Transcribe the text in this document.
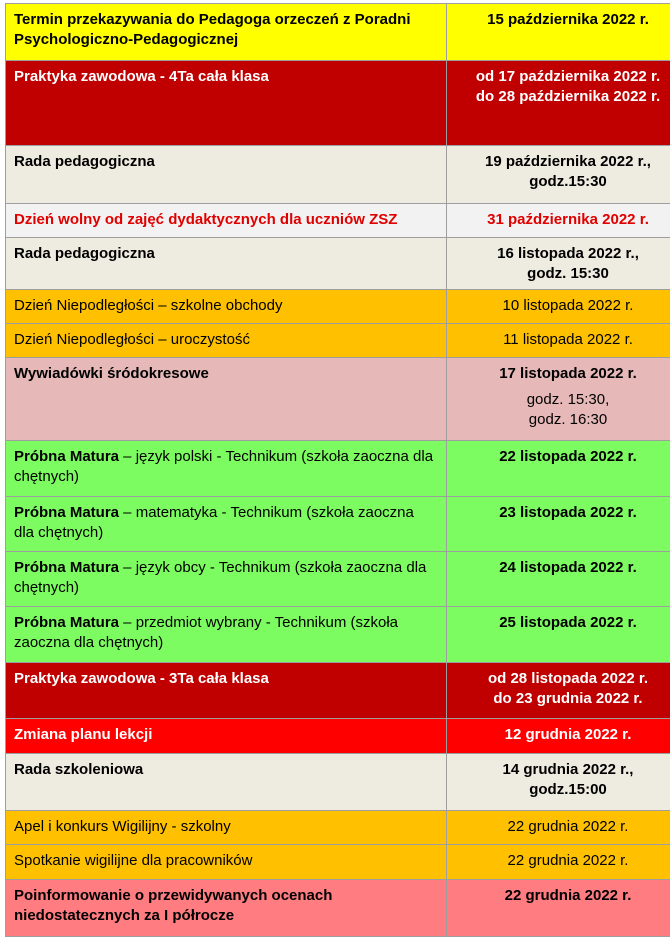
Termin przekazywania do Pedagoga orzeczeń z Poradni Psychologiczno-Pedagogicznej	15 października 2022 r.
Praktyka zawodowa - 4Ta cała klasa	od 17 października 2022 r.
do 28 października 2022 r.

Rada pedagogiczna	19 października 2022 r.,
godz.15:30

Dzień wolny od zajęć dydaktycznych dla uczniów ZSZ	31 października 2022 r.
Rada pedagogiczna	16 listopada 2022 r.,
godz. 15:30

Dzień Niepodległości – szkolne obchody	10 listopada 2022 r.
Dzień Niepodległości – uroczystość	11 listopada 2022 r.
Wywiadówki śródokresowe	17 listopada 2022 r.
godz. 15:30,
godz. 16:30

Próbna Matura – język polski - Technikum (szkoła zaoczna dla chętnych)	22 listopada 2022 r.
Próbna Matura – matematyka - Technikum (szkoła zaoczna dla chętnych)	23 listopada 2022 r.
Próbna Matura – język obcy - Technikum (szkoła zaoczna dla chętnych)	24 listopada 2022 r.
Próbna Matura – przedmiot wybrany - Technikum (szkoła zaoczna dla chętnych)	25 listopada 2022 r.
Praktyka zawodowa - 3Ta cała klasa	od 28 listopada 2022 r.
do 23 grudnia 2022 r.

Zmiana planu lekcji	12 grudnia 2022 r.
Rada szkoleniowa	14 grudnia 2022 r.,
godz.15:00

Apel i konkurs Wigilijny - szkolny	22 grudnia 2022 r.
Spotkanie wigilijne dla pracowników	22 grudnia 2022 r.
Poinformowanie o przewidywanych ocenach niedostatecznych za I półrocze	22 grudnia 2022 r.
